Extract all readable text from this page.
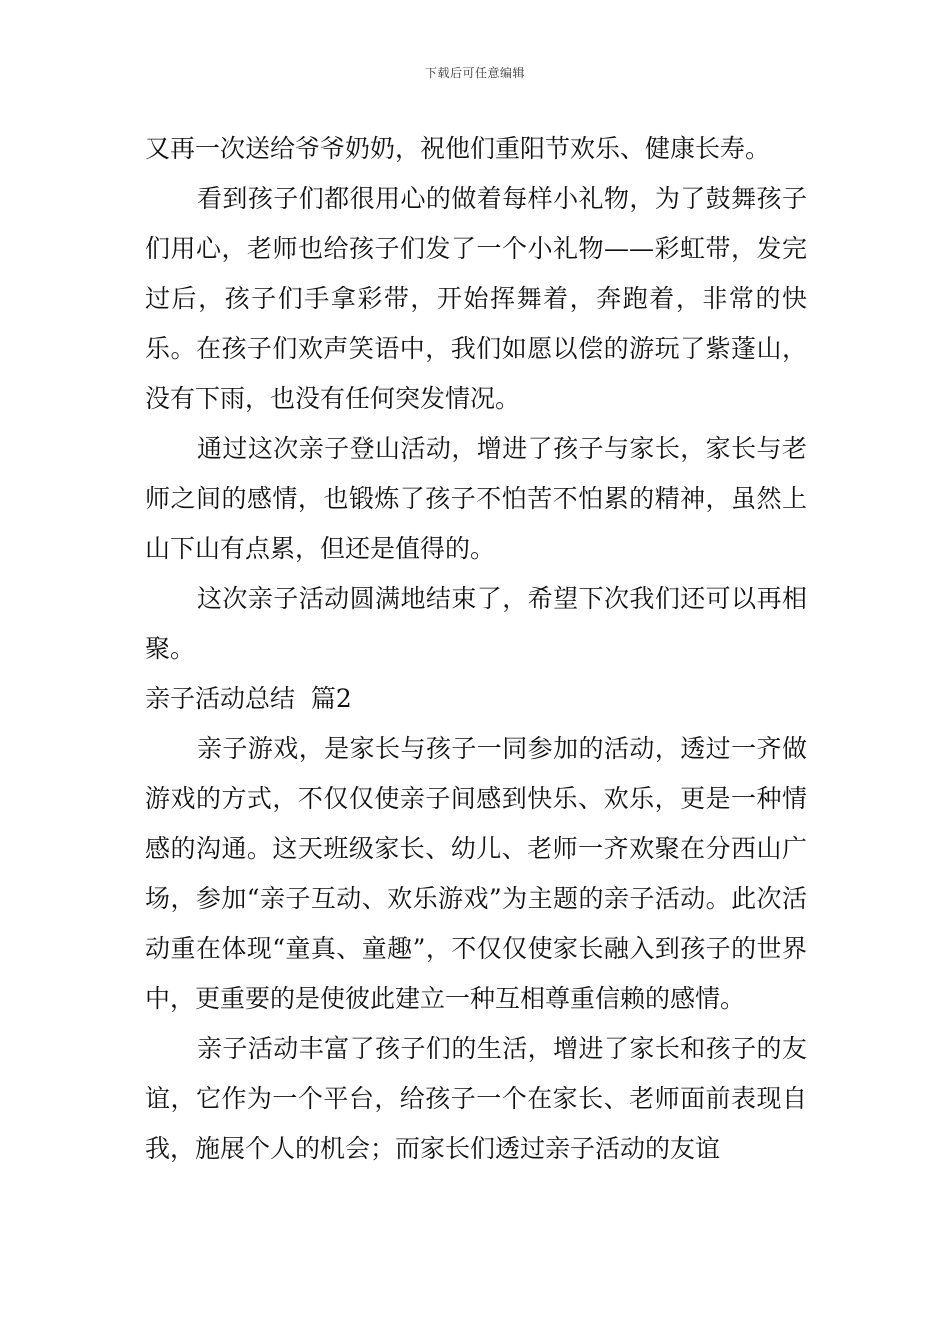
下载后可任意编辑

又再一次送给爷爷奶奶，祝他们重阳节欢乐、健康长寿。

看到孩子们都很用心的做着每样小礼物，为了鼓舞孩子们用心，老师也给孩子们发了一个小礼物——彩虹带，发完过后，孩子们手拿彩带，开始挥舞着，奔跑着，非常的快乐。在孩子们欢声笑语中，我们如愿以偿的游玩了紫蓬山，没有下雨，也没有任何突发情况。

通过这次亲子登山活动，增进了孩子与家长，家长与老师之间的感情，也锻炼了孩子不怕苦不怕累的精神，虽然上山下山有点累，但还是值得的。

这次亲子活动圆满地结束了，希望下次我们还可以再相聚。

亲子活动总结  篇2

亲子游戏，是家长与孩子一同参加的活动，透过一齐做游戏的方式，不仅仅使亲子间感到快乐、欢乐，更是一种情感的沟通。这天班级家长、幼儿、老师一齐欢聚在分西山广场，参加“亲子互动、欢乐游戏”为主题的亲子活动。此次活动重在体现“童真、童趣”，不仅仅使家长融入到孩子的世界中，更重要的是使彼此建立一种互相尊重信赖的感情。

亲子活动丰富了孩子们的生活，增进了家长和孩子的友谊，它作为一个平台，给孩子一个在家长、老师面前表现自我，施展个人的机会；而家长们透过亲子活动的友谊
